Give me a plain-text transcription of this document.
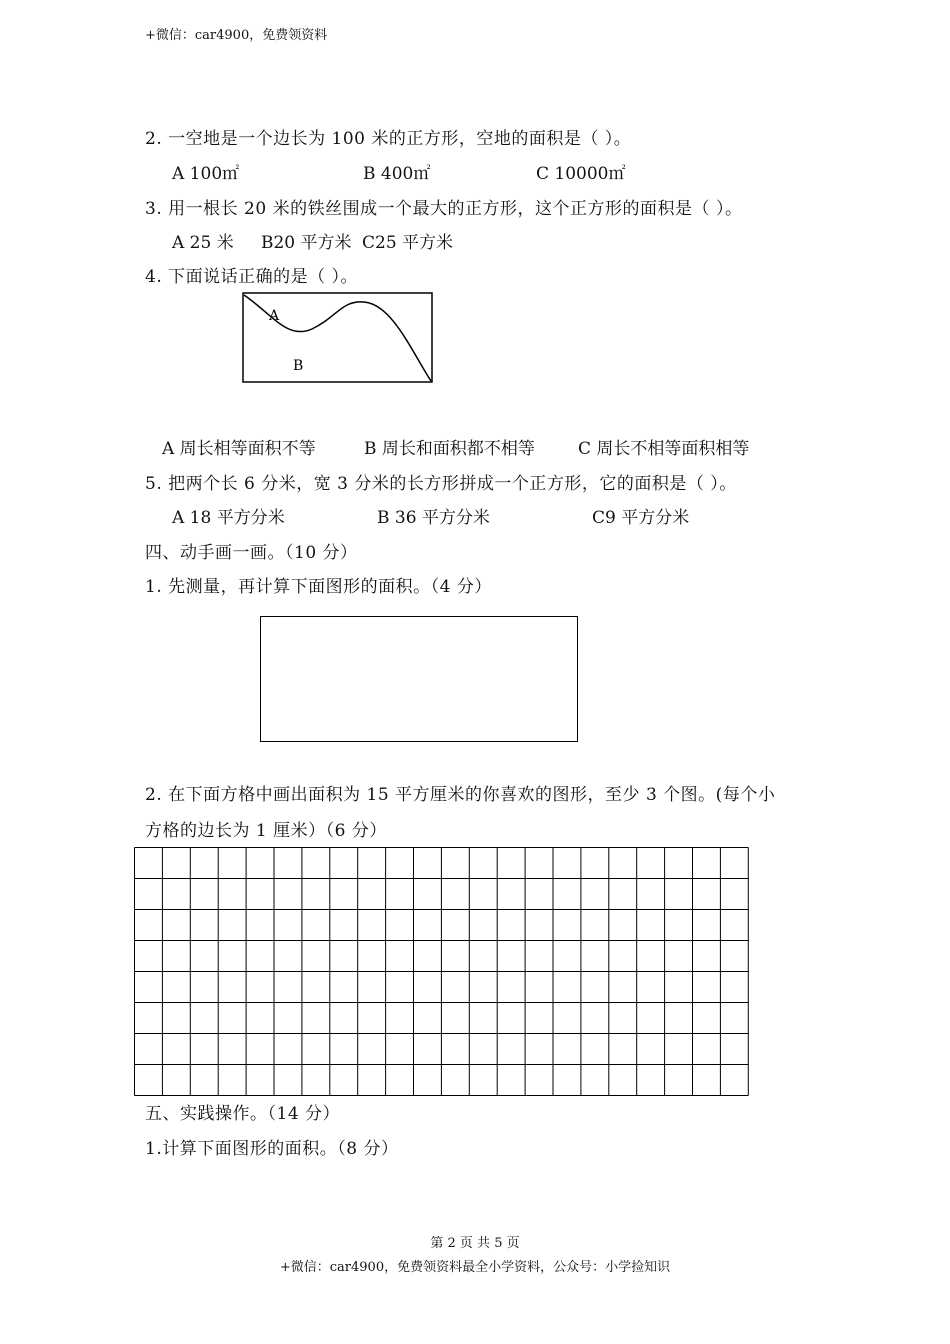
+微信：car4900，免费领资料
2. 一空地是一个边长为 100 米的正方形，空地的面积是（ ）。
A 100㎡	B 400㎡	C 10000㎡
3. 用一根长 20 米的铁丝围成一个最大的正方形，这个正方形的面积是（ ）。
A 25 米 B20 平方米 C25 平方米
4. 下面说话正确的是（ ）。
A
B
A 周长相等面积不等	B 周长和面积都不相等	C 周长不相等面积相等
5. 把两个长 6 分米，宽 3 分米的长方形拼成一个正方形，它的面积是（ ）。
A 18 平方分米	B 36 平方分米	C9 平方分米
四、动手画一画。（10 分）
1. 先测量，再计算下面图形的面积。（4 分）
2. 在下面方格中画出面积为 15 平方厘米的你喜欢的图形，至少 3 个图。(每个小
方格的边长为 1 厘米）（6 分）
五、实践操作。（14 分）
1.计算下面图形的面积。（8 分）
第 2 页 共 5 页
+微信：car4900，免费领资料最全小学资料，公众号：小学捡知识
